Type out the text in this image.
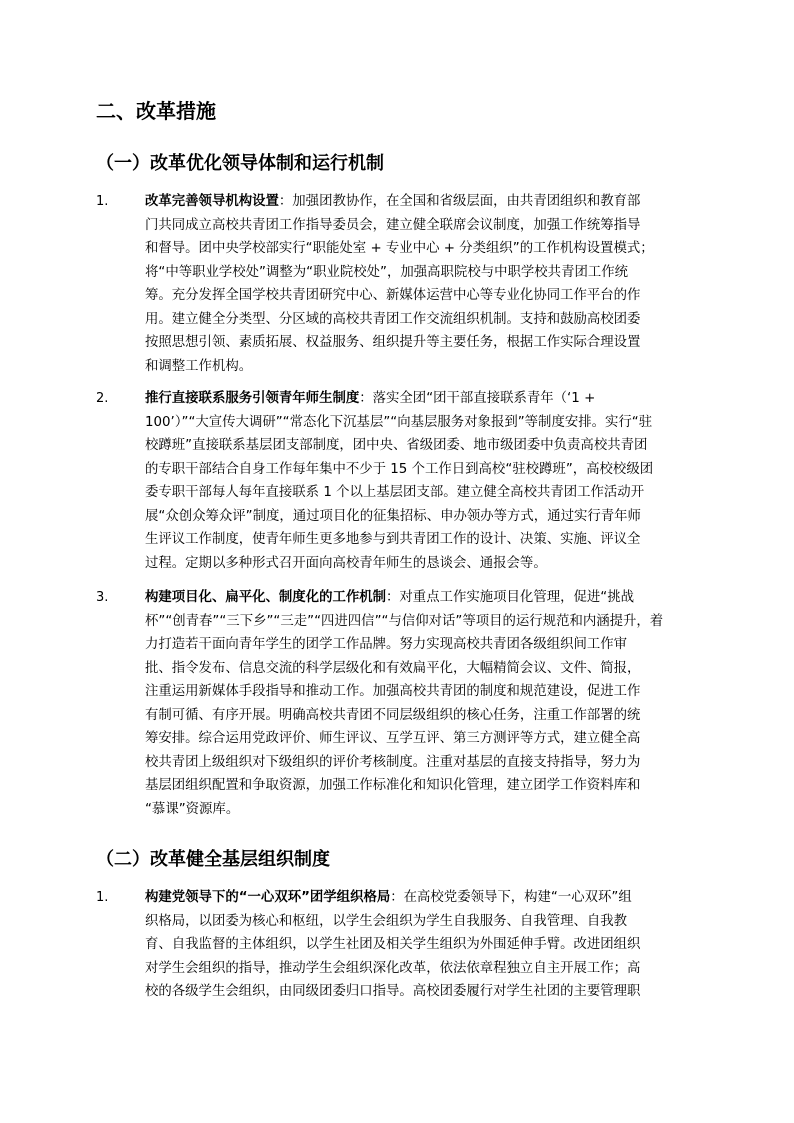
二、改革措施
（一）改革优化领导体制和运行机制
1.	改革完善领导机构设置：加强团教协作，在全国和省级层面，由共青团组织和教育部
门共同成立高校共青团工作指导委员会，建立健全联席会议制度，加强工作统筹指导
和督导。团中央学校部实行“职能处室 + 专业中心 + 分类组织”的工作机构设置模式；
将“中等职业学校处”调整为“职业院校处”，加强高职院校与中职学校共青团工作统
筹。充分发挥全国学校共青团研究中心、新媒体运营中心等专业化协同工作平台的作
用。建立健全分类型、分区域的高校共青团工作交流组织机制。支持和鼓励高校团委
按照思想引领、素质拓展、权益服务、组织提升等主要任务，根据工作实际合理设置
和调整工作机构。
2.	推行直接联系服务引领青年师生制度：落实全团“团干部直接联系青年（‘1 +
100’）”“大宣传大调研”“常态化下沉基层”“向基层服务对象报到”等制度安排。实行“驻
校蹲班”直接联系基层团支部制度，团中央、省级团委、地市级团委中负责高校共青团
的专职干部结合自身工作每年集中不少于 15 个工作日到高校“驻校蹲班”，高校校级团
委专职干部每人每年直接联系 1 个以上基层团支部。建立健全高校共青团工作活动开
展“众创众筹众评”制度，通过项目化的征集招标、申办领办等方式，通过实行青年师
生评议工作制度，使青年师生更多地参与到共青团工作的设计、决策、实施、评议全
过程。定期以多种形式召开面向高校青年师生的恳谈会、通报会等。
3.	构建项目化、扁平化、制度化的工作机制：对重点工作实施项目化管理，促进“挑战
杯”“创青春”“三下乡”“三走”“四进四信”“与信仰对话”等项目的运行规范和内涵提升，着
力打造若干面向青年学生的团学工作品牌。努力实现高校共青团各级组织间工作审
批、指令发布、信息交流的科学层级化和有效扁平化，大幅精简会议、文件、简报，
注重运用新媒体手段指导和推动工作。加强高校共青团的制度和规范建设，促进工作
有制可循、有序开展。明确高校共青团不同层级组织的核心任务，注重工作部署的统
筹安排。综合运用党政评价、师生评议、互学互评、第三方测评等方式，建立健全高
校共青团上级组织对下级组织的评价考核制度。注重对基层的直接支持指导，努力为
基层团组织配置和争取资源，加强工作标准化和知识化管理，建立团学工作资料库和
“慕课”资源库。
（二）改革健全基层组织制度
1.	构建党领导下的“一心双环”团学组织格局：在高校党委领导下，构建“一心双环”组
织格局，以团委为核心和枢纽，以学生会组织为学生自我服务、自我管理、自我教
育、自我监督的主体组织，以学生社团及相关学生组织为外围延伸手臂。改进团组织
对学生会组织的指导，推动学生会组织深化改革，依法依章程独立自主开展工作；高
校的各级学生会组织，由同级团委归口指导。高校团委履行对学生社团的主要管理职
